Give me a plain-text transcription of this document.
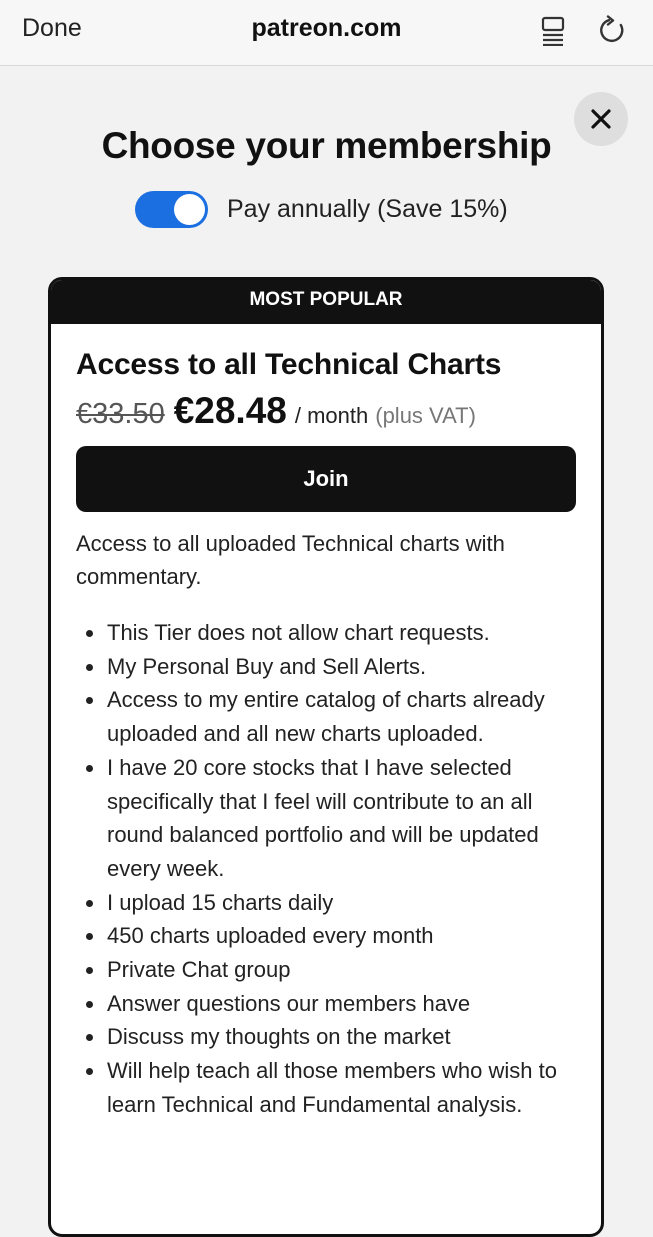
Done	patreon.com
Choose your membership
Pay annually (Save 15%)
MOST POPULAR
Access to all Technical Charts
€33.50 €28.48 / month (plus VAT)
Join
Access to all uploaded Technical charts with commentary.
• This Tier does not allow chart requests.
• My Personal Buy and Sell Alerts.
• Access to my entire catalog of charts already uploaded and all new charts uploaded.
• I have 20 core stocks that I have selected specifically that I feel will contribute to an all round balanced portfolio and will be updated every week.
• I upload 15 charts daily
• 450 charts uploaded every month
• Private Chat group
• Answer questions our members have
• Discuss my thoughts on the market
• Will help teach all those members who wish to learn Technical and Fundamental analysis.
